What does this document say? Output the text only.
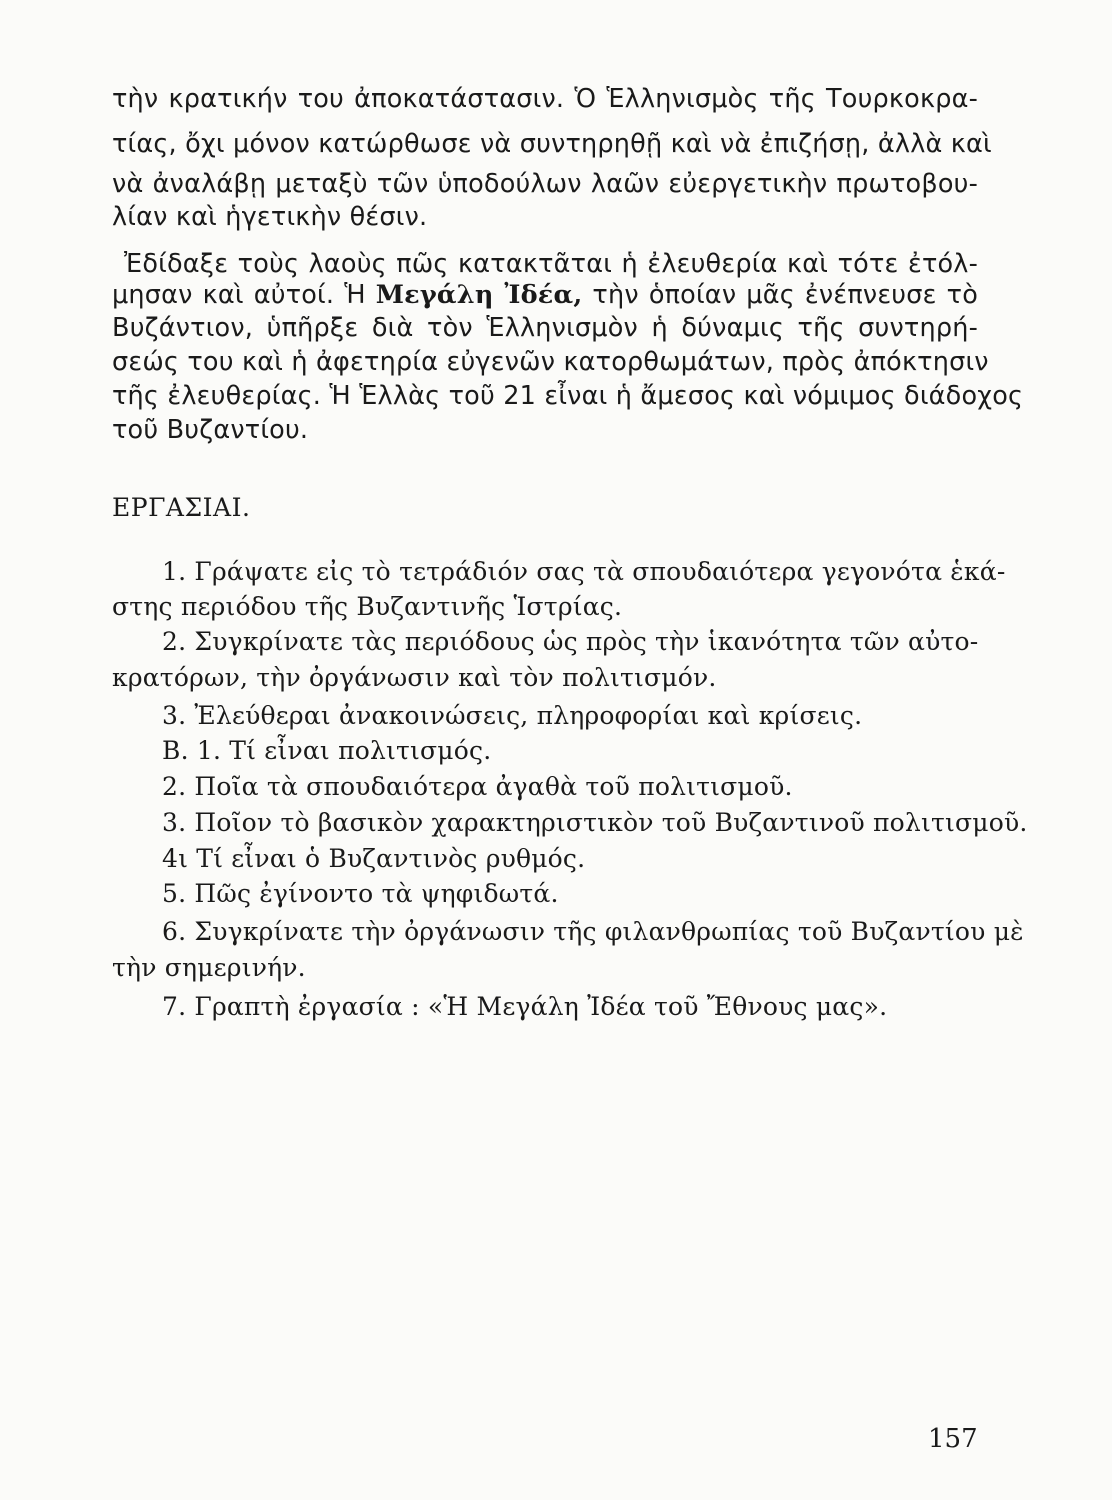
τὴν κρατικήν του ἀποκατάστασιν. Ὁ Ἑλληνισμὸς τῆς Τουρκοκρα-
τίας, ὄχι μόνον κατώρθωσε νὰ συντηρηθῇ καὶ νὰ ἐπιζήσῃ, ἀλλὰ καὶ
νὰ ἀναλάβῃ μεταξὺ τῶν ὑποδούλων λαῶν εὐεργετικὴν πρωτοβου-
λίαν καὶ ἡγετικὴν θέσιν.
Ἐδίδαξε τοὺς λαοὺς πῶς κατακτᾶται ἡ ἐλευθερία καὶ τότε ἐτόλ-
μησαν καὶ αὐτοί. Ἡ Μεγάλη Ἰδέα, τὴν ὁποίαν μᾶς ἐνέπνευσε τὸ
Βυζάντιον, ὑπῆρξε διὰ τὸν Ἑλληνισμὸν ἡ δύναμις τῆς συντηρή-
σεώς του καὶ ἡ ἀφετηρία εὐγενῶν κατορθωμάτων, πρὸς ἀπόκτησιν
τῆς ἐλευθερίας. Ἡ Ἑλλὰς τοῦ 21 εἶναι ἡ ἄμεσος καὶ νόμιμος διάδοχος
τοῦ Βυζαντίου.
ΕΡΓΑΣΙΑΙ.
1. Γράψατε εἰς τὸ τετράδιόν σας τὰ σπουδαιότερα γεγονότα ἑκά-
στης περιόδου τῆς Βυζαντινῆς Ἱστρίας.
2. Συγκρίνατε τὰς περιόδους ὡς πρὸς τὴν ἱκανότητα τῶν αὐτο-
κρατόρων, τὴν ὀργάνωσιν καὶ τὸν πολιτισμόν.
3. Ἐλεύθεραι ἀνακοινώσεις, πληροφορίαι καὶ κρίσεις.
Β. 1. Τί εἶναι πολιτισμός.
2. Ποῖα τὰ σπουδαιότερα ἀγαθὰ τοῦ πολιτισμοῦ.
3. Ποῖον τὸ βασικὸν χαρακτηριστικὸν τοῦ Βυζαντινοῦ πολιτισμοῦ.
4ι Τί εἶναι ὁ Βυζαντινὸς ρυθμός.
5. Πῶς ἐγίνοντο τὰ ψηφιδωτά.
6. Συγκρίνατε τὴν ὀργάνωσιν τῆς φιλανθρωπίας τοῦ Βυζαντίου μὲ
τὴν σημερινήν.
7. Γραπτὴ ἐργασία : «Ἡ Μεγάλη Ἰδέα τοῦ Ἔθνους μας».
157
